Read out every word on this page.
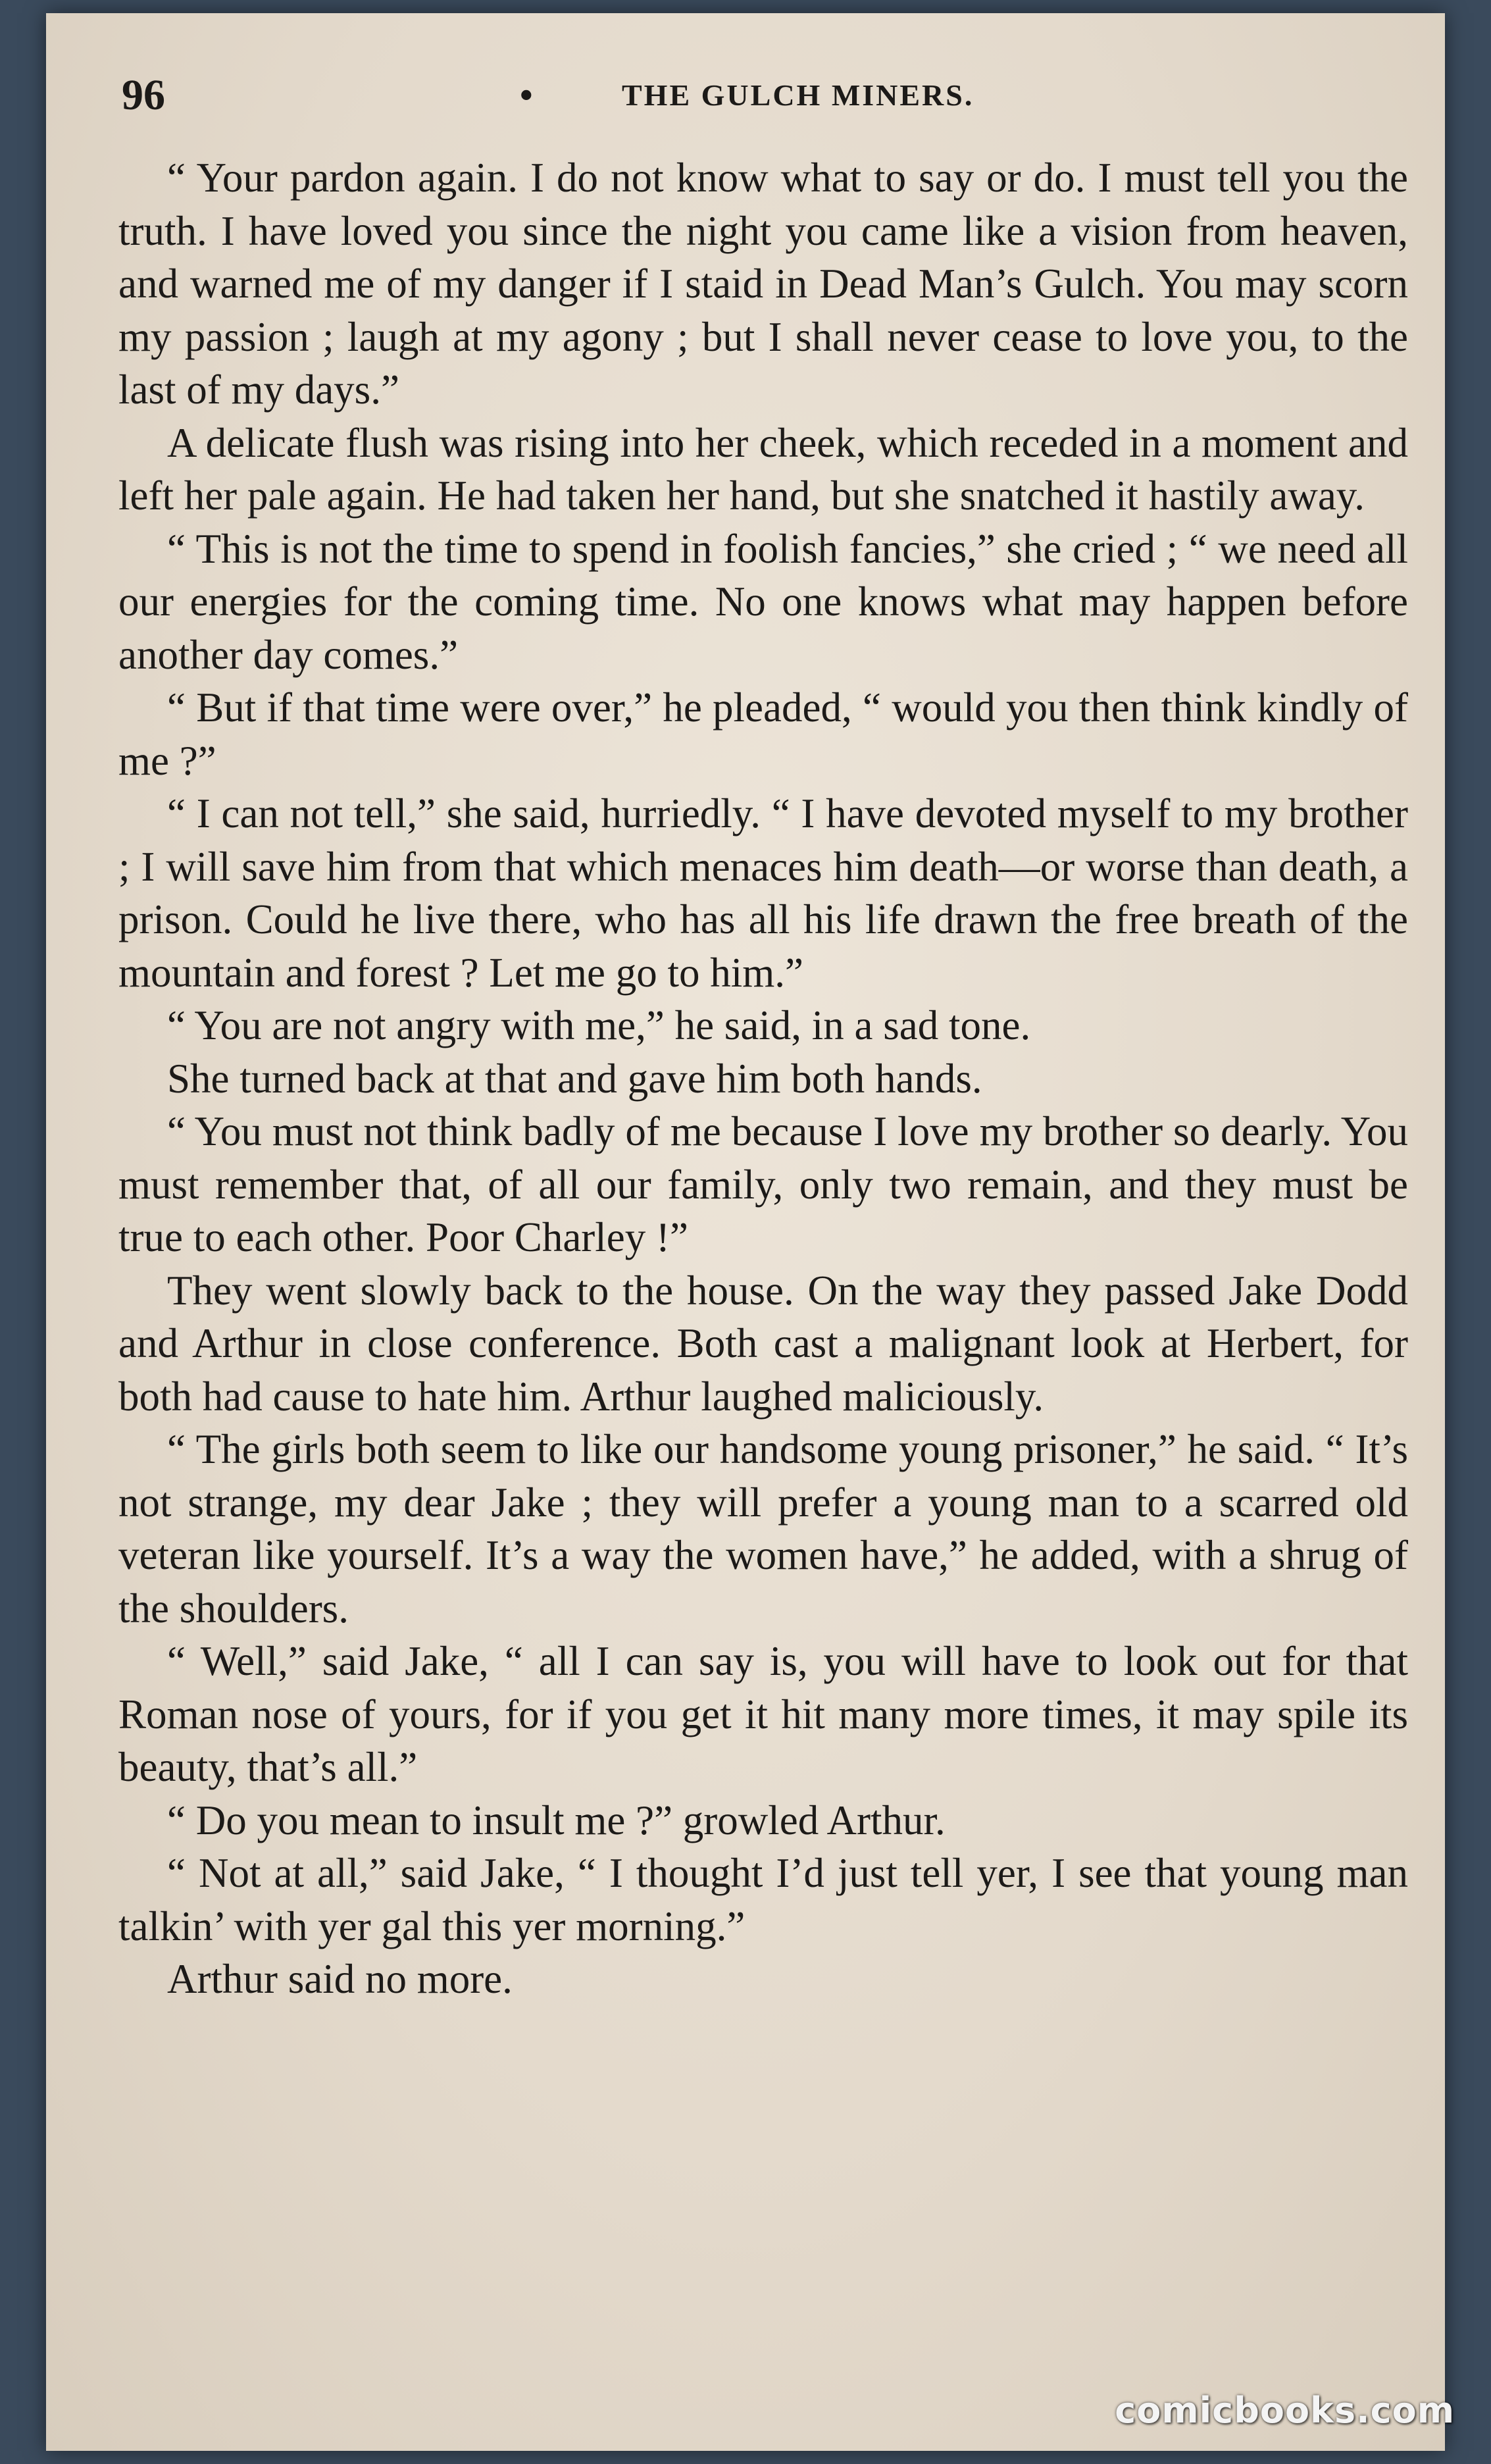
96	•	THE GULCH MINERS.

“ Your pardon again. I do not know what to say or do. I must tell you the truth. I have loved you since the night you came like a vision from heaven, and warned me of my danger if I staid in Dead Man’s Gulch. You may scorn my passion ; laugh at my agony ; but I shall never cease to love you, to the last of my days.”

A delicate flush was rising into her cheek, which receded in a moment and left her pale again. He had taken her hand, but she snatched it hastily away.

“ This is not the time to spend in foolish fancies,” she cried ; “ we need all our energies for the coming time. No one knows what may happen before another day comes.”

“ But if that time were over,” he pleaded, “ would you then think kindly of me ?”

“ I can not tell,” she said, hurriedly. “ I have devoted myself to my brother ; I will save him from that which menaces him death—or worse than death, a prison. Could he live there, who has all his life drawn the free breath of the mountain and forest ? Let me go to him.”

“ You are not angry with me,” he said, in a sad tone.

She turned back at that and gave him both hands.

“ You must not think badly of me because I love my brother so dearly. You must remember that, of all our family, only two remain, and they must be true to each other. Poor Charley !”

They went slowly back to the house. On the way they passed Jake Dodd and Arthur in close conference. Both cast a malignant look at Herbert, for both had cause to hate him. Arthur laughed maliciously.

“ The girls both seem to like our handsome young prisoner,” he said. “ It’s not strange, my dear Jake ; they will prefer a young man to a scarred old veteran like yourself. It’s a way the women have,” he added, with a shrug of the shoulders.

“ Well,” said Jake, “ all I can say is, you will have to look out for that Roman nose of yours, for if you get it hit many more times, it may spile its beauty, that’s all.”

“ Do you mean to insult me ?” growled Arthur.

“ Not at all,” said Jake, “ I thought I’d just tell yer, I see that young man talkin’ with yer gal this yer morning.”

Arthur said no more.

comicbooks.com
